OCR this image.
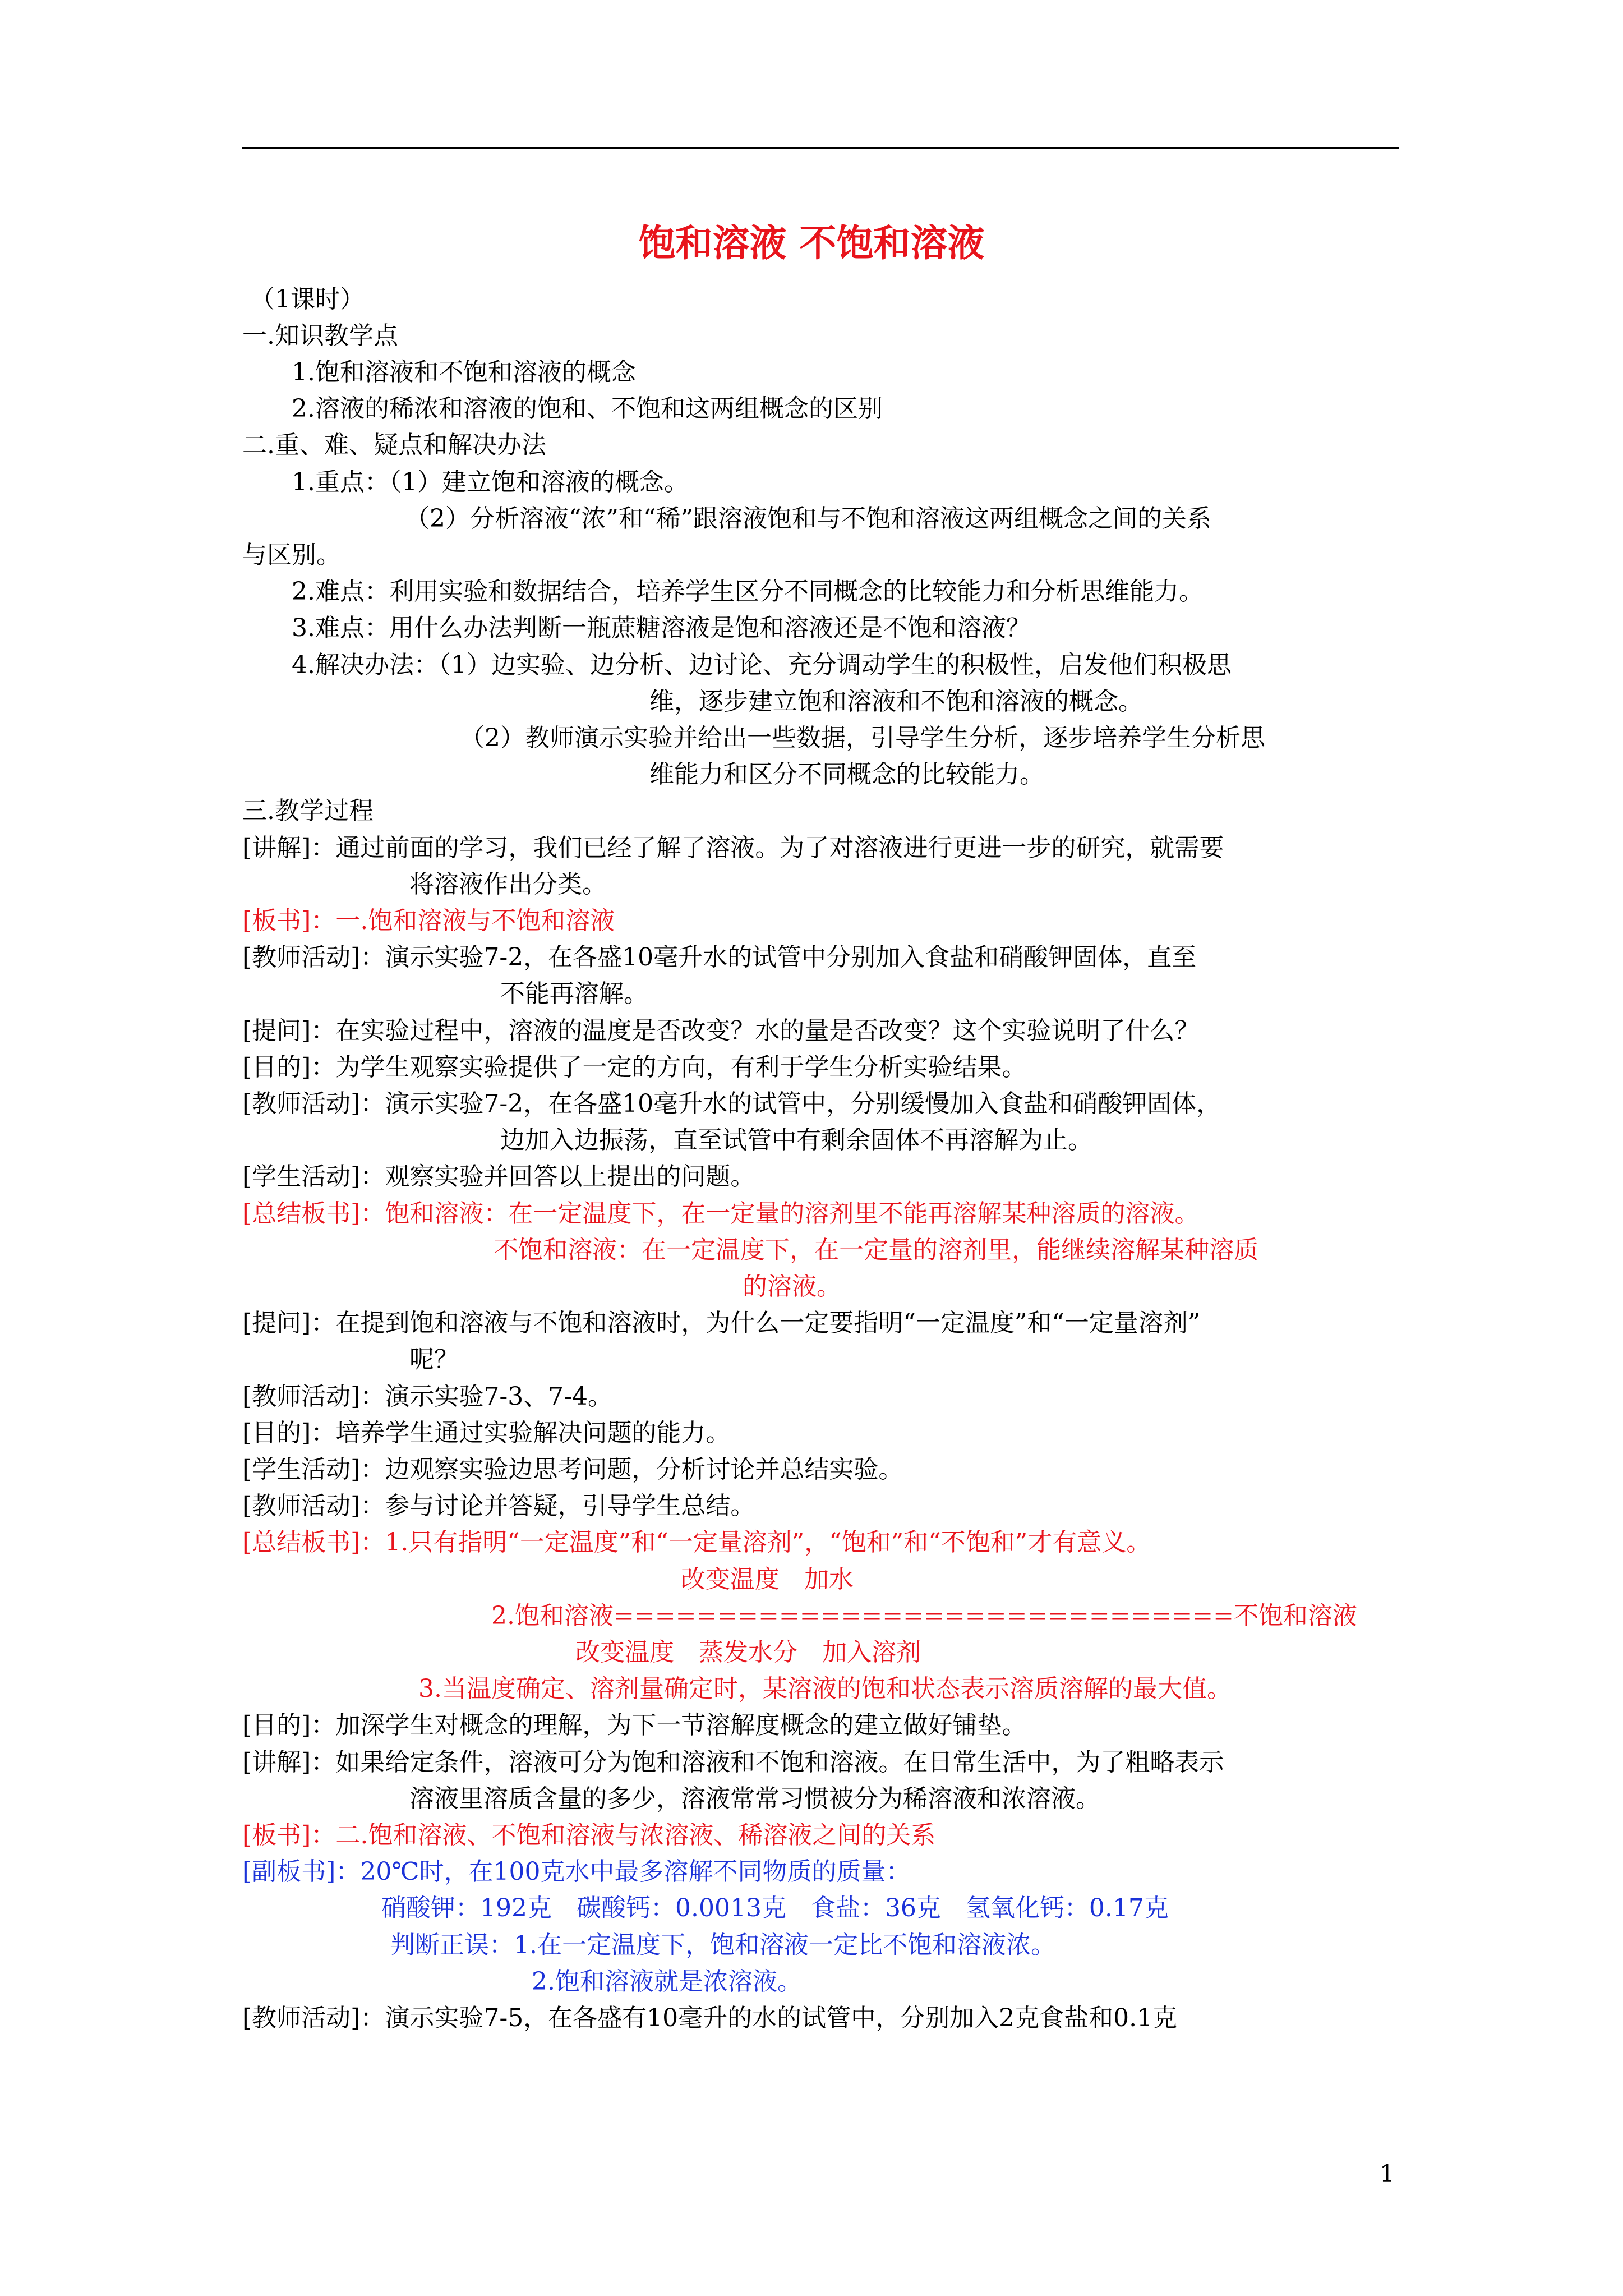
饱和溶液 不饱和溶液
（1课时）
一.知识教学点
1.饱和溶液和不饱和溶液的概念
2.溶液的稀浓和溶液的饱和、不饱和这两组概念的区别
二.重、难、疑点和解决办法
1.重点：（1）建立饱和溶液的概念。
（2）分析溶液“浓”和“稀”跟溶液饱和与不饱和溶液这两组概念之间的关系
与区别。
2.难点：利用实验和数据结合，培养学生区分不同概念的比较能力和分析思维能力。
3.难点：用什么办法判断一瓶蔗糖溶液是饱和溶液还是不饱和溶液？
4.解决办法：（1）边实验、边分析、边讨论、充分调动学生的积极性，启发他们积极思
维，逐步建立饱和溶液和不饱和溶液的概念。
（2）教师演示实验并给出一些数据，引导学生分析，逐步培养学生分析思
维能力和区分不同概念的比较能力。
三.教学过程
[讲解]：通过前面的学习，我们已经了解了溶液。为了对溶液进行更进一步的研究，就需要
将溶液作出分类。
[板书]：一.饱和溶液与不饱和溶液
[教师活动]：演示实验7-2，在各盛10毫升水的试管中分别加入食盐和硝酸钾固体，直至
不能再溶解。
[提问]：在实验过程中，溶液的温度是否改变？水的量是否改变？这个实验说明了什么？
[目的]：为学生观察实验提供了一定的方向，有利于学生分析实验结果。
[教师活动]：演示实验7-2，在各盛10毫升水的试管中，分别缓慢加入食盐和硝酸钾固体，
边加入边振荡，直至试管中有剩余固体不再溶解为止。
[学生活动]：观察实验并回答以上提出的问题。
[总结板书]：饱和溶液：在一定温度下，在一定量的溶剂里不能再溶解某种溶质的溶液。
不饱和溶液：在一定温度下，在一定量的溶剂里，能继续溶解某种溶质
的溶液。
[提问]：在提到饱和溶液与不饱和溶液时，为什么一定要指明“一定温度”和“一定量溶剂”
呢？
[教师活动]：演示实验7-3、7-4。
[目的]：培养学生通过实验解决问题的能力。
[学生活动]：边观察实验边思考问题，分析讨论并总结实验。
[教师活动]：参与讨论并答疑，引导学生总结。
[总结板书]：1.只有指明“一定温度”和“一定量溶剂”，“饱和”和“不饱和”才有意义。
改变温度　加水
2.饱和溶液==============================不饱和溶液
改变温度　蒸发水分　加入溶剂
3.当温度确定、溶剂量确定时，某溶液的饱和状态表示溶质溶解的最大值。
[目的]：加深学生对概念的理解，为下一节溶解度概念的建立做好铺垫。
[讲解]：如果给定条件，溶液可分为饱和溶液和不饱和溶液。在日常生活中，为了粗略表示
溶液里溶质含量的多少，溶液常常习惯被分为稀溶液和浓溶液。
[板书]：二.饱和溶液、不饱和溶液与浓溶液、稀溶液之间的关系
[副板书]：20℃时，在100克水中最多溶解不同物质的质量：
硝酸钾：192克　碳酸钙：0.0013克　食盐：36克　氢氧化钙：0.17克
判断正误：1.在一定温度下，饱和溶液一定比不饱和溶液浓。
2.饱和溶液就是浓溶液。
[教师活动]：演示实验7-5，在各盛有10毫升的水的试管中，分别加入2克食盐和0.1克
1
